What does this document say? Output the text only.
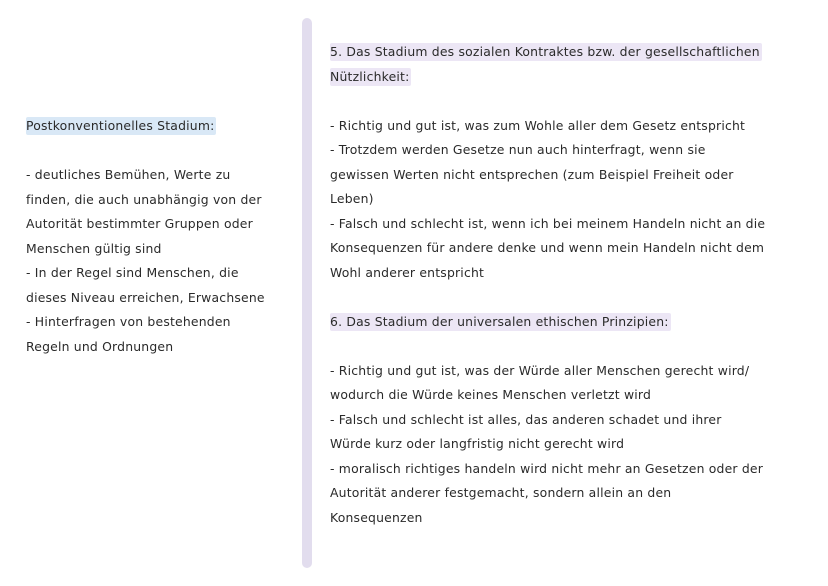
Postkonventionelles Stadium:
- deutliches Bemühen, Werte zu
finden, die auch unabhängig von der
Autorität bestimmter Gruppen oder
Menschen gültig sind
- In der Regel sind Menschen, die
dieses Niveau erreichen, Erwachsene
- Hinterfragen von bestehenden
Regeln und Ordnungen
5. Das Stadium des sozialen Kontraktes bzw. der gesellschaftlichen
Nützlichkeit:
- Richtig und gut ist, was zum Wohle aller dem Gesetz entspricht
- Trotzdem werden Gesetze nun auch hinterfragt, wenn sie
gewissen Werten nicht entsprechen (zum Beispiel Freiheit oder
Leben)
- Falsch und schlecht ist, wenn ich bei meinem Handeln nicht an die
Konsequenzen für andere denke und wenn mein Handeln nicht dem
Wohl anderer entspricht
6. Das Stadium der universalen ethischen Prinzipien:
- Richtig und gut ist, was der Würde aller Menschen gerecht wird/
wodurch die Würde keines Menschen verletzt wird
- Falsch und schlecht ist alles, das anderen schadet und ihrer
Würde kurz oder langfristig nicht gerecht wird
- moralisch richtiges handeln wird nicht mehr an Gesetzen oder der
Autorität anderer festgemacht, sondern allein an den
Konsequenzen
